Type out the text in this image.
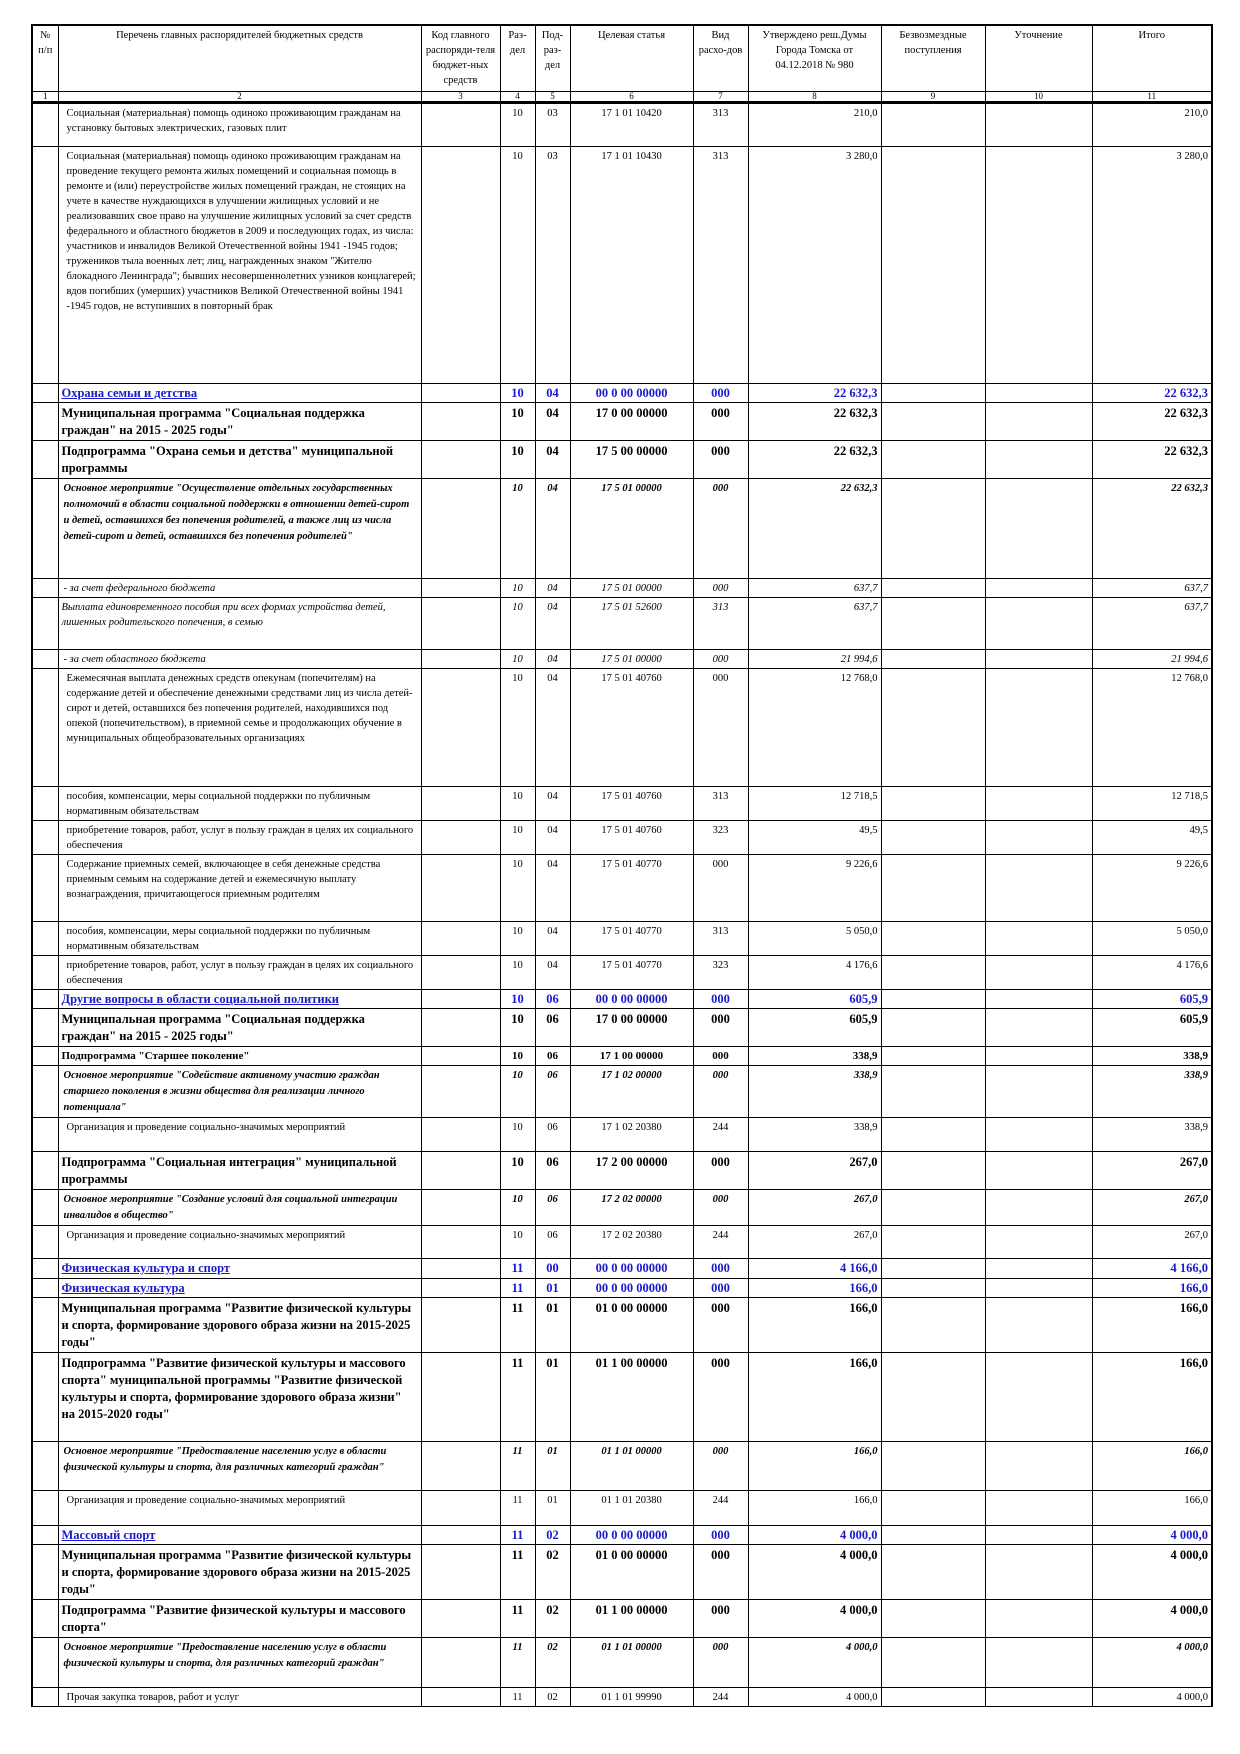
№ п/п	Перечень главных распорядителей бюджетных средств	Код главного распоряди-теля бюджет-ных средств	Раз-дел	Под-раз-дел	Целевая статья	Вид расхо-дов	Утверждено реш.Думы Города Томска от 04.12.2018 № 980	Безвозмездные поступления	Уточнение	Итого
1	2	3	4	5	6	7	8	9	10	11
	Социальная (материальная) помощь одиноко проживающим гражданам на установку бытовых электрических, газовых плит		10	03	17 1 01 10420	313	210,0			210,0
	Социальная (материальная) помощь одиноко проживающим гражданам на проведение текущего ремонта жилых помещений и социальная помощь в ремонте и (или) переустройстве жилых помещений граждан, не стоящих на учете в качестве нуждающихся в улучшении жилищных условий и не реализовавших свое право на улучшение жилищных условий за счет средств федерального и областного бюджетов в 2009 и последующих годах, из числа: участников и инвалидов Великой Отечественной войны 1941 -1945 годов; тружеников тыла военных лет; лиц, награжденных знаком "Жителю блокадного Ленинграда"; бывших несовершеннолетних узников концлагерей; вдов погибших (умерших) участников Великой Отечественной войны 1941 -1945 годов, не вступивших в повторный брак		10	03	17 1 01 10430	313	3 280,0			3 280,0
	Охрана семьи и детства		10	04	00 0 00 00000	000	22 632,3			22 632,3
	Муниципальная программа "Социальная поддержка граждан" на 2015 - 2025 годы"		10	04	17 0 00 00000	000	22 632,3			22 632,3
	Подпрограмма "Охрана семьи и детства" муниципальной программы		10	04	17 5 00 00000	000	22 632,3			22 632,3
	Основное мероприятие "Осуществление отдельных государственных полномочий в области социальной поддержки в отношении детей-сирот и детей, оставшихся без попечения родителей, а также лиц из числа детей-сирот и детей, оставшихся без попечения родителей"		10	04	17 5 01 00000	000	22 632,3			22 632,3
	- за счет федерального бюджета		10	04	17 5 01 00000	000	637,7			637,7
	Выплата единовременного пособия при всех формах устройства детей, лишенных родительского попечения, в семью		10	04	17 5 01 52600	313	637,7			637,7
	- за счет областного бюджета		10	04	17 5 01 00000	000	21 994,6			21 994,6
	Ежемесячная выплата денежных средств опекунам (попечителям) на содержание детей и обеспечение денежными средствами лиц из числа детей-сирот и детей, оставшихся без попечения родителей, находившихся под опекой (попечительством), в приемной семье и продолжающих обучение в муниципальных общеобразовательных организациях		10	04	17 5 01 40760	000	12 768,0			12 768,0
	пособия, компенсации, меры социальной поддержки по публичным нормативным обязательствам		10	04	17 5 01 40760	313	12 718,5			12 718,5
	приобретение товаров, работ, услуг в пользу граждан в целях их социального обеспечения		10	04	17 5 01 40760	323	49,5			49,5
	Содержание приемных семей, включающее в себя денежные средства приемным семьям на содержание детей и ежемесячную выплату вознаграждения, причитающегося приемным родителям		10	04	17 5 01 40770	000	9 226,6			9 226,6
	пособия, компенсации, меры социальной поддержки по публичным нормативным обязательствам		10	04	17 5 01 40770	313	5 050,0			5 050,0
	приобретение товаров, работ, услуг в пользу граждан в целях их социального обеспечения		10	04	17 5 01 40770	323	4 176,6			4 176,6
	Другие вопросы в области социальной политики		10	06	00 0 00 00000	000	605,9			605,9
	Муниципальная программа "Социальная поддержка граждан" на 2015 - 2025 годы"		10	06	17 0 00 00000	000	605,9			605,9
	Подпрограмма "Старшее поколение"		10	06	17 1 00 00000	000	338,9			338,9
	Основное мероприятие "Содействие активному участию граждан старшего поколения в жизни общества для реализации личного потенциала"		10	06	17 1 02 00000	000	338,9			338,9
	Организация и проведение социально-значимых мероприятий		10	06	17 1 02 20380	244	338,9			338,9
	Подпрограмма "Социальная интеграция" муниципальной программы		10	06	17 2 00 00000	000	267,0			267,0
	Основное мероприятие "Создание условий для социальной интеграции инвалидов в общество"		10	06	17 2 02 00000	000	267,0			267,0
	Организация и проведение социально-значимых мероприятий		10	06	17 2 02 20380	244	267,0			267,0
	Физическая культура и спорт		11	00	00 0 00 00000	000	4 166,0			4 166,0
	Физическая культура		11	01	00 0 00 00000	000	166,0			166,0
	Муниципальная программа "Развитие физической культуры и спорта, формирование здорового образа жизни на 2015-2025 годы"		11	01	01 0 00 00000	000	166,0			166,0
	Подпрограмма "Развитие физической культуры и массового спорта" муниципальной программы "Развитие физической культуры и спорта, формирование здорового образа жизни" на 2015-2020 годы"		11	01	01 1 00 00000	000	166,0			166,0
	Основное мероприятие "Предоставление населению услуг в области физической культуры и спорта, для различных категорий граждан"		11	01	01 1 01 00000	000	166,0			166,0
	Организация и проведение социально-значимых мероприятий		11	01	01 1 01 20380	244	166,0			166,0
	Массовый спорт		11	02	00 0 00 00000	000	4 000,0			4 000,0
	Муниципальная программа "Развитие физической культуры и спорта, формирование здорового образа жизни на 2015-2025 годы"		11	02	01 0 00 00000	000	4 000,0			4 000,0
	Подпрограмма "Развитие физической культуры и массового спорта"		11	02	01 1 00 00000	000	4 000,0			4 000,0
	Основное мероприятие "Предоставление населению услуг в области физической культуры и спорта, для различных категорий граждан"		11	02	01 1 01 00000	000	4 000,0			4 000,0
	Прочая закупка товаров, работ и услуг		11	02	01 1 01 99990	244	4 000,0			4 000,0
